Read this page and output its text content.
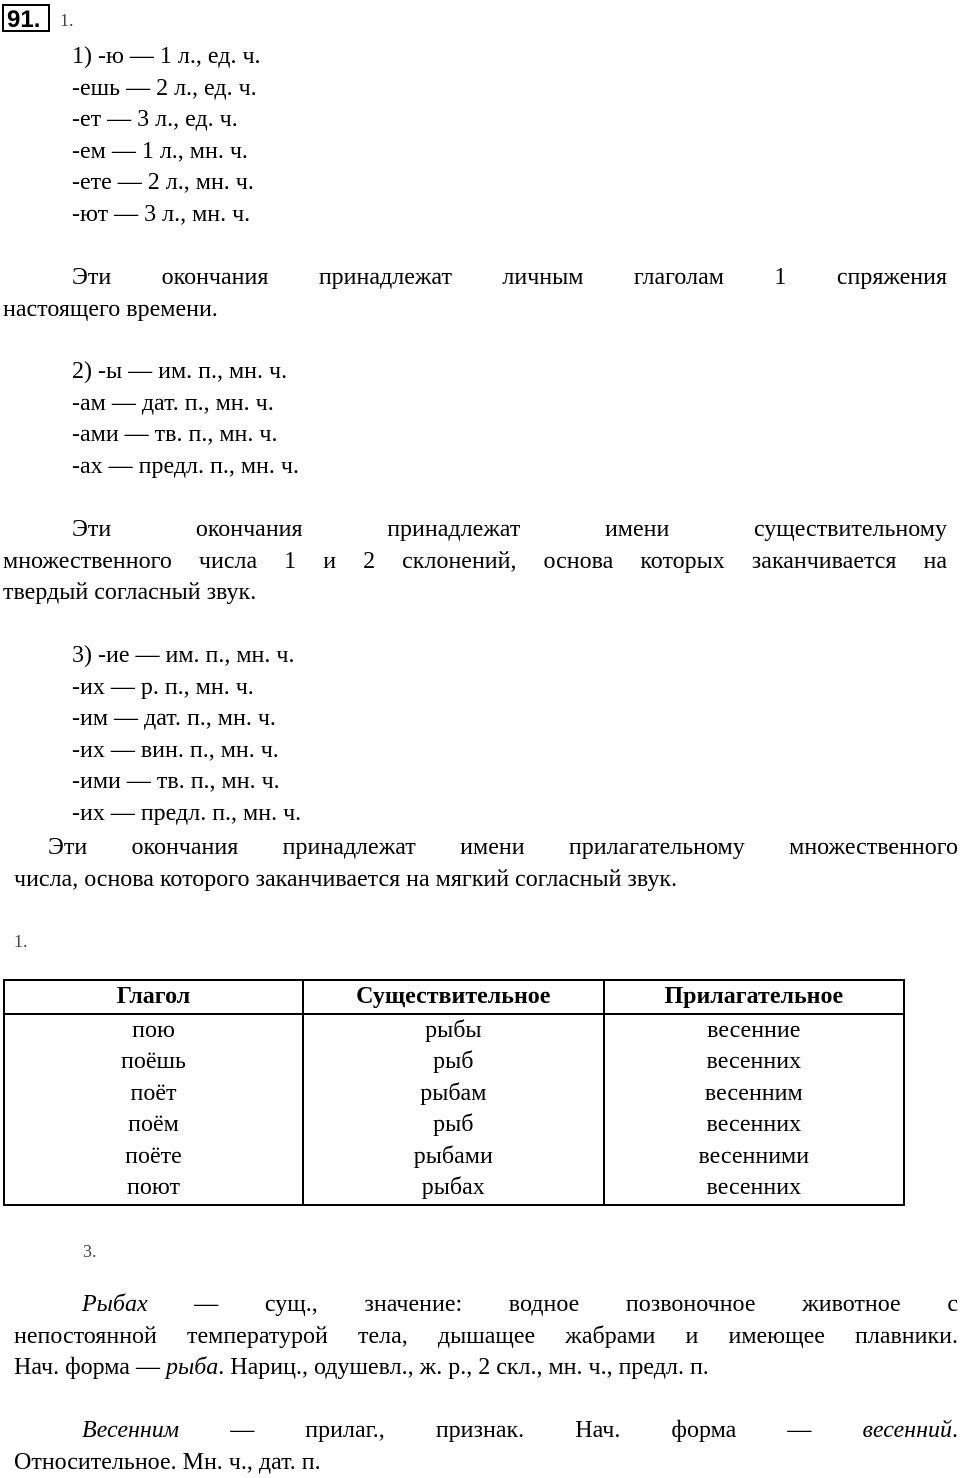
91.	1.
1) -ю — 1 л., ед. ч.
-ешь — 2 л., ед. ч.
-ет — 3 л., ед. ч.
-ем — 1 л., мн. ч.
-ете — 2 л., мн. ч.
-ют — 3 л., мн. ч.
Эти окончания принадлежат личным глаголам 1 спряжения
настоящего времени.
2) -ы — им. п., мн. ч.
-ам — дат. п., мн. ч.
-ами — тв. п., мн. ч.
-ах — предл. п., мн. ч.
Эти окончания принадлежат имени существительному
множественного числа 1 и 2 склонений, основа которых заканчивается на
твердый согласный звук.
3) -ие — им. п., мн. ч.
-их — р. п., мн. ч.
-им — дат. п., мн. ч.
-их — вин. п., мн. ч.
-ими — тв. п., мн. ч.
-их — предл. п., мн. ч.
Эти окончания принадлежат имени прилагательному множественного
числа, основа которого заканчивается на мягкий согласный звук.
1.
Глагол	Существительное	Прилагательное
пою	рыбы	весенние
поёшь	рыб	весенних
поёт	рыбам	весенним
поём	рыб	весенних
поёте	рыбами	весенними
поют	рыбах	весенних
3.
Рыбах — сущ., значение: водное позвоночное животное с
непостоянной температурой тела, дышащее жабрами и имеющее плавники.
Нач. форма — рыба. Нариц., одушевл., ж. р., 2 скл., мн. ч., предл. п.
Весенним — прилаг., признак. Нач. форма — весенний.
Относительное. Мн. ч., дат. п.
